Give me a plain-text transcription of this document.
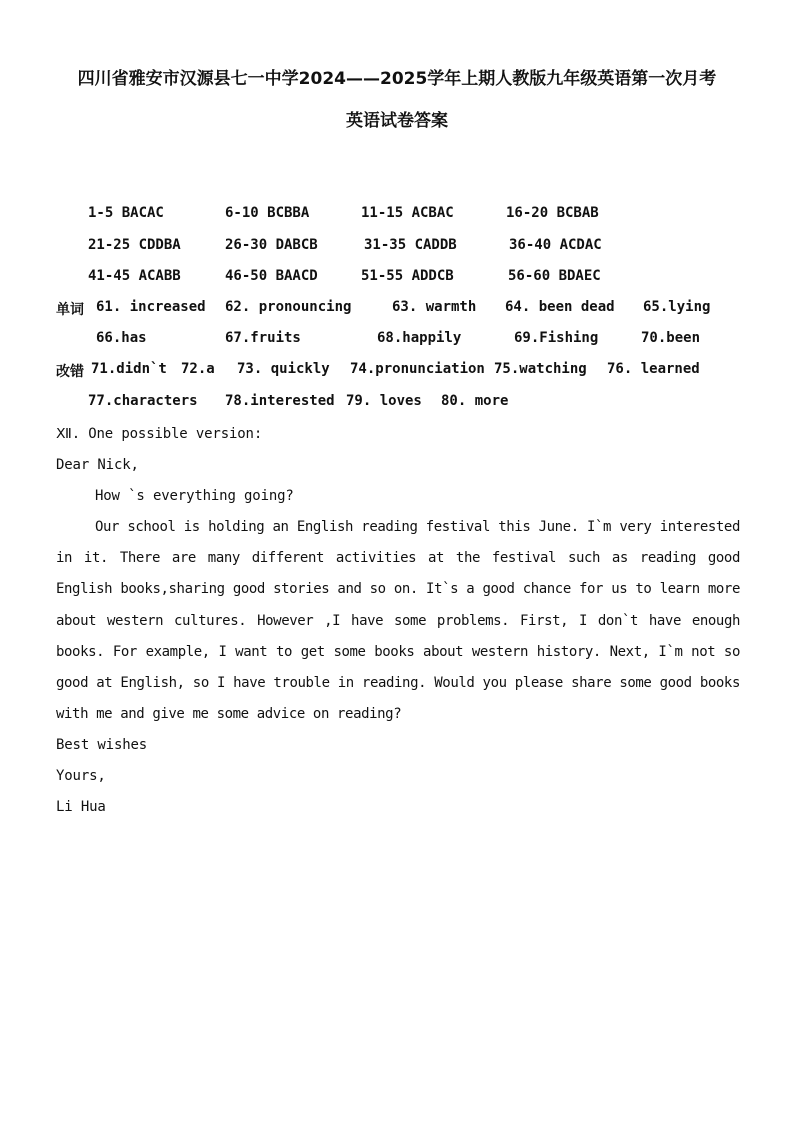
四川省雅安市汉源县七一中学2024——2025学年上期人教版九年级英语第一次月考
英语试卷答案
1-5 BACAC	6-10 BCBBA	11-15 ACBAC	16-20 BCBAB
21-25 CDDBA	26-30 DABCB	31-35 CADDB	36-40 ACDAC
41-45 ACABB	46-50 BAACD	51-55 ADDCB	56-60 BDAEC
单词 61. increased 62. pronouncing	63. warmth 64. been dead 65.lying
66.has	67.fruits	68.happily	69.Fishing	70.been
改错 71.didn`t 72.a 73. quickly 74.pronunciation 75.watching 76. learned
77.characters 78.interested 79. loves 80. more
Ⅻ. One possible version:
Dear Nick,
How `s everything going?
Our school is holding an English reading festival this June. I`m very interested in it. There are many different activities at the festival such as reading good English books,sharing good stories and so on. It`s a good chance for us to learn more about western cultures. However ,I have some problems. First, I don`t have enough books. For example, I want to get some books about western history. Next, I`m not so good at English, so I have trouble in reading. Would you please share some good books with me and give me some advice on reading?
Best wishes
Yours,
Li Hua
